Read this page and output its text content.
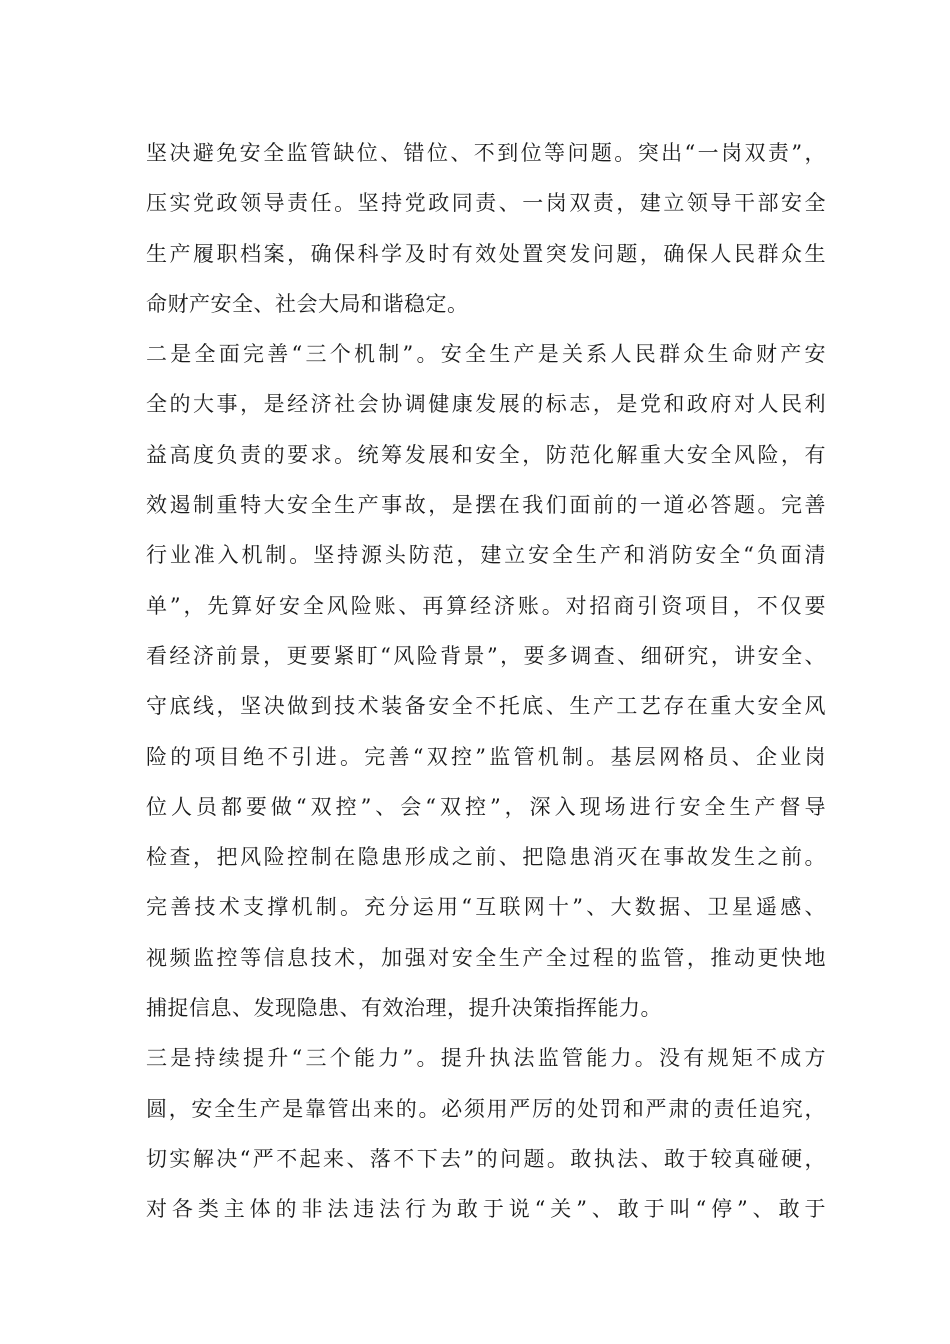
坚决避免安全监管缺位、错位、不到位等问题。突出“一岗双责”，
压实党政领导责任。坚持党政同责、一岗双责，建立领导干部安全
生产履职档案，确保科学及时有效处置突发问题，确保人民群众生
命财产安全、社会大局和谐稳定。
二是全面完善“三个机制”。安全生产是关系人民群众生命财产安
全的大事，是经济社会协调健康发展的标志，是党和政府对人民利
益高度负责的要求。统筹发展和安全，防范化解重大安全风险，有
效遏制重特大安全生产事故，是摆在我们面前的一道必答题。完善
行业准入机制。坚持源头防范，建立安全生产和消防安全“负面清
单”，先算好安全风险账、再算经济账。对招商引资项目，不仅要
看经济前景，更要紧盯“风险背景”，要多调查、细研究，讲安全、
守底线，坚决做到技术装备安全不托底、生产工艺存在重大安全风
险的项目绝不引进。完善“双控”监管机制。基层网格员、企业岗
位人员都要做“双控”、会“双控”，深入现场进行安全生产督导
检查，把风险控制在隐患形成之前、把隐患消灭在事故发生之前。
完善技术支撑机制。充分运用“互联网十”、大数据、卫星遥感、
视频监控等信息技术，加强对安全生产全过程的监管，推动更快地
捕捉信息、发现隐患、有效治理，提升决策指挥能力。
三是持续提升“三个能力”。提升执法监管能力。没有规矩不成方
圆，安全生产是靠管出来的。必须用严厉的处罚和严肃的责任追究，
切实解决“严不起来、落不下去”的问题。敢执法、敢于较真碰硬，
对各类主体的非法违法行为敢于说“关”、敢于叫“停”、敢于
